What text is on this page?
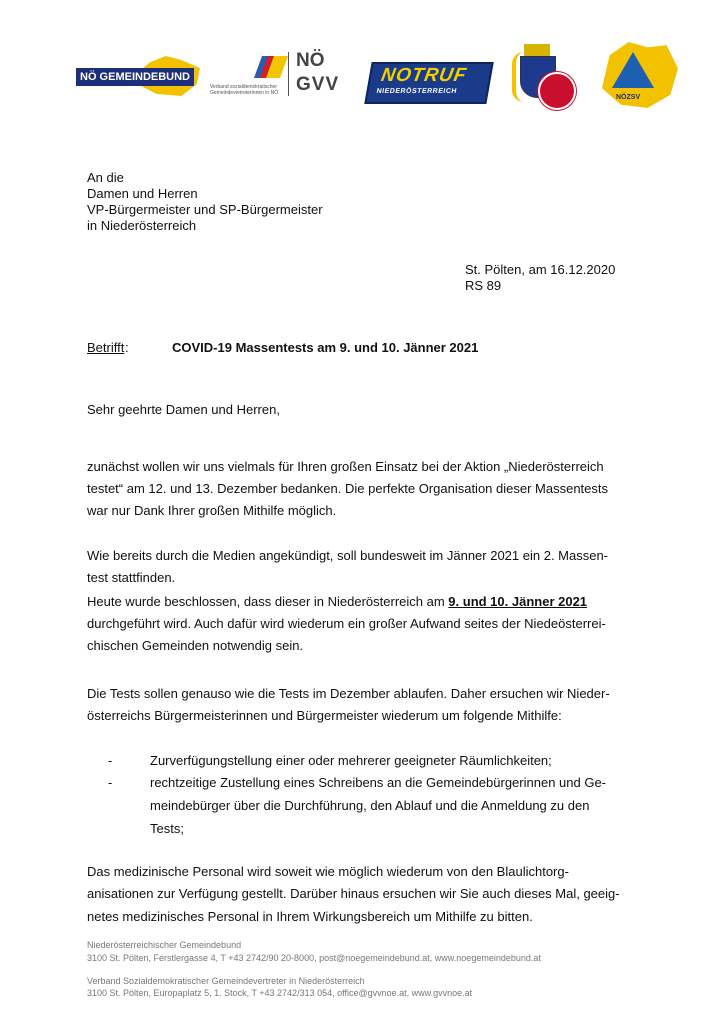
NÖ GEMEINDEBUND
NÖ
GVV
Verband sozialdemokratischer Gemeindevertreterinnen in NÖ
NOTRUF
NIEDERÖSTERREICH
NÖZSV
An die
Damen und Herren
VP-Bürgermeister und SP-Bürgermeister
in Niederösterreich
St. Pölten, am 16.12.2020
RS 89
Betrifft :	COVID-19 Massentests am 9. und 10. Jänner 2021
Sehr geehrte Damen und Herren,
zunächst wollen wir uns vielmals für Ihren großen Einsatz bei der Aktion „Niederösterreich
testet“ am 12. und 13. Dezember bedanken. Die perfekte Organisation dieser Massentests
war nur Dank Ihrer großen Mithilfe möglich.
Wie bereits durch die Medien angekündigt, soll bundesweit im Jänner 2021 ein 2. Massen-
test stattfinden.
Heute wurde beschlossen, dass dieser in Niederösterreich am 9. und 10. Jänner 2021
durchgeführt wird. Auch dafür wird wiederum ein großer Aufwand seites der Niedeösterrei-
chischen Gemeinden notwendig sein.
Die Tests sollen genauso wie die Tests im Dezember ablaufen. Daher ersuchen wir Nieder-
österreichs Bürgermeisterinnen und Bürgermeister wiederum um folgende Mithilfe:
-	Zurverfügungstellung einer oder mehrerer geeigneter Räumlichkeiten;
-	rechtzeitige Zustellung eines Schreibens an die Gemeindebürgerinnen und Ge-
meindebürger über die Durchführung, den Ablauf und die Anmeldung zu den
Tests;
Das medizinische Personal wird soweit wie möglich wiederum von den Blaulichtorg-
anisationen zur Verfügung gestellt. Darüber hinaus ersuchen wir Sie auch dieses Mal, geeig-
netes medizinisches Personal in Ihrem Wirkungsbereich um Mithilfe zu bitten.
Niederösterreichischer Gemeindebund
3100 St. Pölten, Ferstlergasse 4, T +43 2742/90 20-8000, post@noegemeindebund.at, www.noegemeindebund.at
Verband Sozialdemokratischer Gemeindevertreter in Niederösterreich
3100 St. Pölten, Europaplatz 5, 1. Stock, T +43 2742/313 054, office@gvvnoe.at, www.gvvnoe.at
